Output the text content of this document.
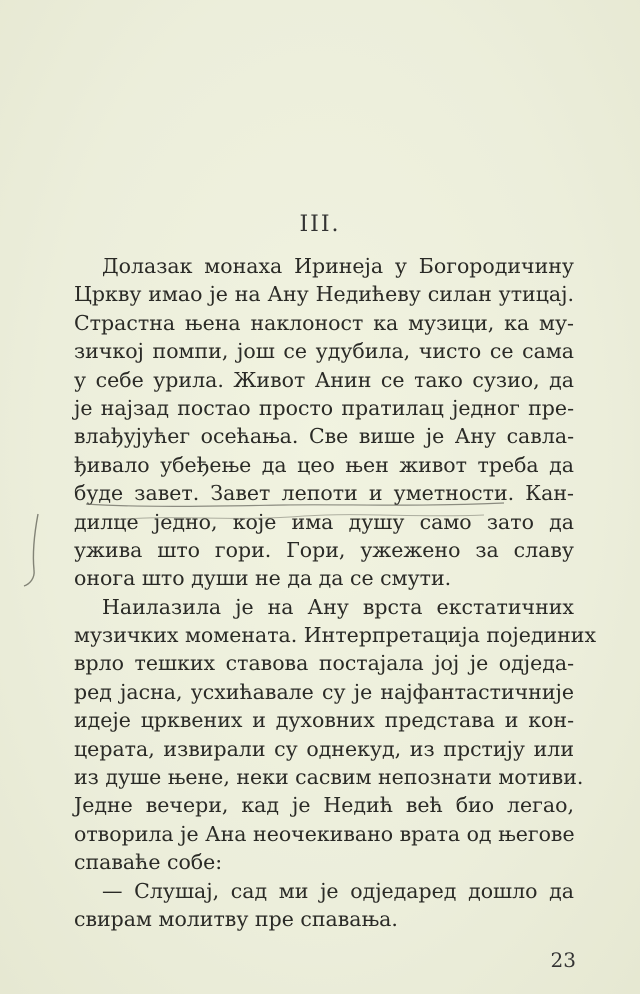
III.
Долазак монаха Иринеја у Богородичину
Цркву имао је на Ану Недићеву силан утицај.
Страстна њена наклоност ка музици, ка му-
зичкој помпи, још се удубила, чисто се сама
у себе урила. Живот Анин се тако сузио, да
је најзад постао просто пратилац једног пре-
влађујућег осећања. Све више је Ану савла-
ђивало убеђење да цео њен живот треба да
буде завет. Завет лепоти и уметности. Кан-
дилце једно, које има душу само зато да
ужива што гори. Гори, ужежено за славу
онога што души не да да се смути.
Наилазила је на Ану врста екстатичних
музичких момената. Интерпретација појединих
врло тешких ставова постајала јој је одједа-
ред јасна, усхићавале су је најфантастичније
идеје црквених и духовних представа и кон-
церата, извирали су однекуд, из прстију или
из душе њене, неки сасвим непознати мотиви.
Једне вечери, кад је Недић већ био легао,
отворила је Ана неочекивано врата од његове
спаваће собе:
— Слушај, сад ми је одједаред дошло да
свирам молитву пре спавања.
23
